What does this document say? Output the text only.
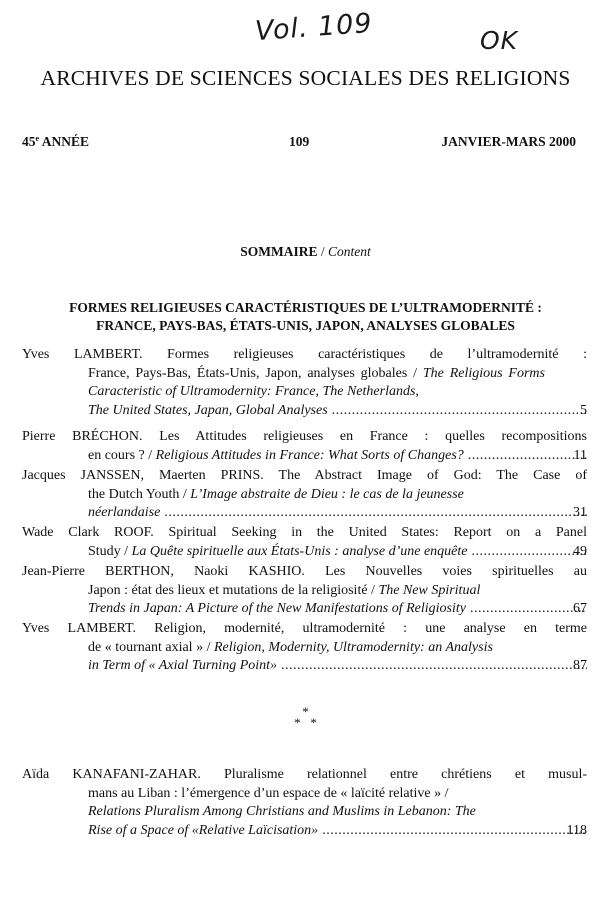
Vol. 109	OK
ARCHIVES DE SCIENCES SOCIALES DES RELIGIONS
45e ANNÉE	109	JANVIER-MARS 2000
SOMMAIRE / Content
FORMES RELIGIEUSES CARACTÉRISTIQUES DE L’ULTRAMODERNITÉ :
FRANCE, PAYS-BAS, ÉTATS-UNIS, JAPON, ANALYSES GLOBALES
Yves LAMBERT. Formes religieuses caractéristiques de l’ultramodernité :
France, Pays-Bas, États-Unis, Japon, analyses globales / The Religious Forms Caracteristic of Ultramodernity: France, The Netherlands,
The United States, Japan, Global Analyses .....	5
Pierre BRÉCHON. Les Attitudes religieuses en France : quelles recompositions
en cours ? / Religious Attitudes in France: What Sorts of Changes? .....	11
Jacques JANSSEN, Maerten PRINS. The Abstract Image of God: The Case of
the Dutch Youth / L’Image abstraite de Dieu : le cas de la jeunesse
néerlandaise .....	31
Wade Clark ROOF. Spiritual Seeking in the United States: Report on a Panel
Study / La Quête spirituelle aux États-Unis : analyse d’une enquête .....	49
Jean-Pierre BERTHON, Naoki KASHIO. Les Nouvelles voies spirituelles au
Japon : état des lieux et mutations de la religiosité / The New Spiritual
Trends in Japan: A Picture of the New Manifestations of Religiosity .....	67
Yves LAMBERT. Religion, modernité, ultramodernité : une analyse en terme
de « tournant axial » / Religion, Modernity, Ultramodernity: an Analysis
in Term of « Axial Turning Point» .....	87
*
*   *
Aïda KANAFANI-ZAHAR. Pluralisme relationnel entre chrétiens et musul-
mans au Liban : l’émergence d’un espace de « laïcité relative » /
Relations Pluralism Among Christians and Muslims in Lebanon: The
Rise of a Space of «Relative Laïcisation» .....	118
